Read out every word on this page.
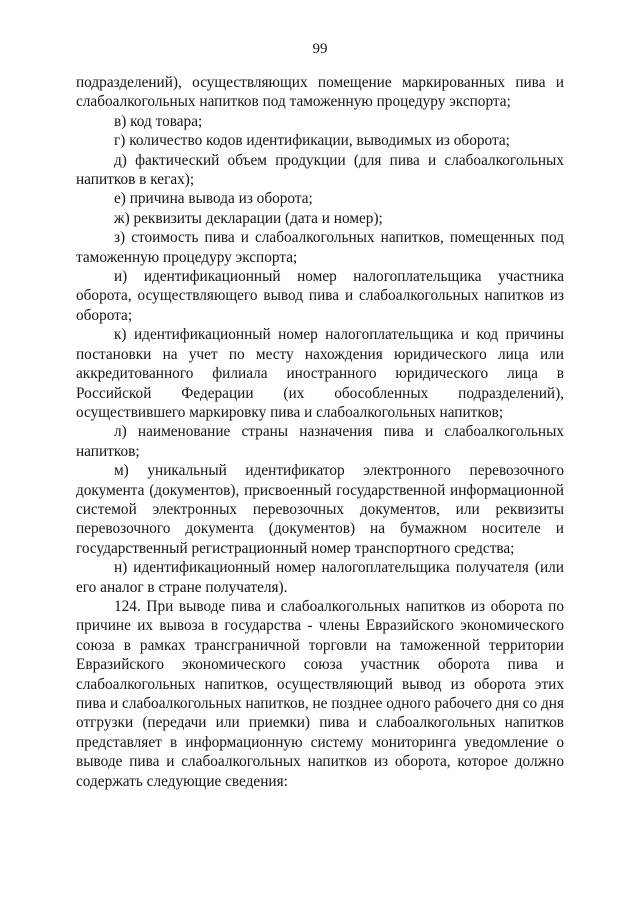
99

подразделений), осуществляющих помещение маркированных пива и слабоалкогольных напитков под таможенную процедуру экспорта;

в) код товара;

г) количество кодов идентификации, выводимых из оборота;

д) фактический объем продукции (для пива и слабоалкогольных напитков в кегах);

е) причина вывода из оборота;

ж) реквизиты декларации (дата и номер);

з) стоимость пива и слабоалкогольных напитков, помещенных под таможенную процедуру экспорта;

и) идентификационный номер налогоплательщика участника оборота, осуществляющего вывод пива и слабоалкогольных напитков из оборота;

к) идентификационный номер налогоплательщика и код причины постановки на учет по месту нахождения юридического лица или аккредитованного филиала иностранного юридического лица в Российской Федерации (их обособленных подразделений), осуществившего маркировку пива и слабоалкогольных напитков;

л) наименование страны назначения пива и слабоалкогольных напитков;

м) уникальный идентификатор электронного перевозочного документа (документов), присвоенный государственной информационной системой электронных перевозочных документов, или реквизиты перевозочного документа (документов) на бумажном носителе и государственный регистрационный номер транспортного средства;

н) идентификационный номер налогоплательщика получателя (или его аналог в стране получателя).

124. При выводе пива и слабоалкогольных напитков из оборота по причине их вывоза в государства - члены Евразийского экономического союза в рамках трансграничной торговли на таможенной территории Евразийского экономического союза участник оборота пива и слабоалкогольных напитков, осуществляющий вывод из оборота этих пива и слабоалкогольных напитков, не позднее одного рабочего дня со дня отгрузки (передачи или приемки) пива и слабоалкогольных напитков представляет в информационную систему мониторинга уведомление о выводе пива и слабоалкогольных напитков из оборота, которое должно содержать следующие сведения:
